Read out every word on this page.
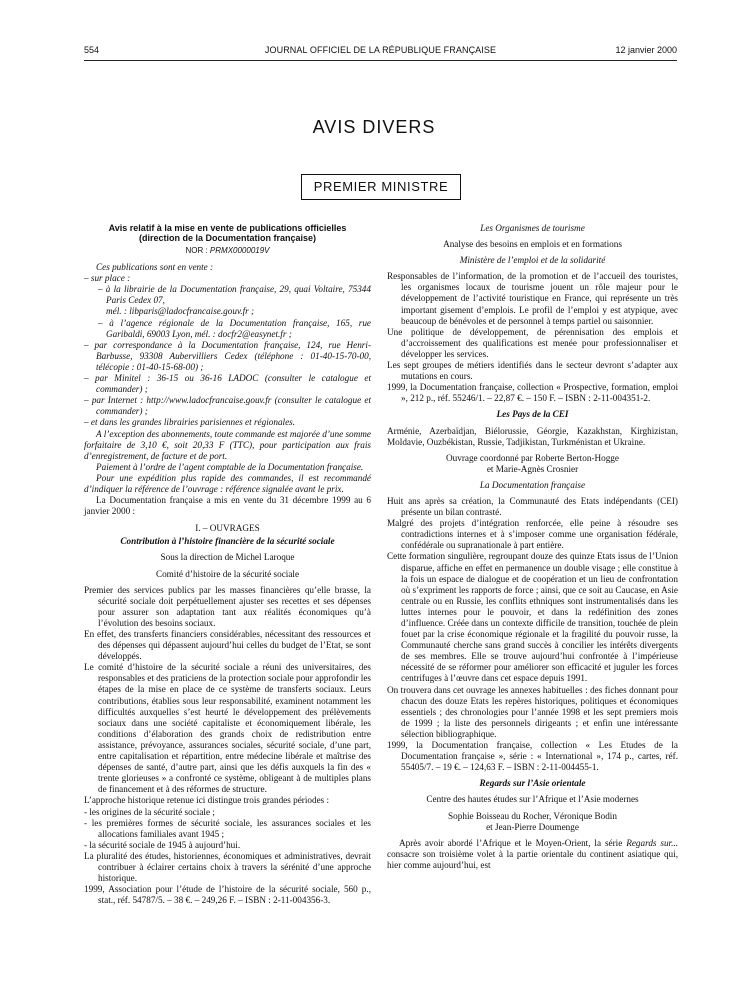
554	JOURNAL OFFICIEL DE LA RÉPUBLIQUE FRANÇAISE	12 janvier 2000
AVIS DIVERS
PREMIER MINISTRE

Avis relatif à la mise en vente de publications officielles
(direction de la Documentation française)

NOR : PRMX0000019V

Ces publications sont en vente :

– sur place :

– à la librairie de la Documentation française, 29, quai Voltaire, 75344 Paris Cedex 07,

mél. : libparis@ladocfrancaise.gouv.fr ;

– à l’agence régionale de la Documentation française, 165, rue Garibaldi, 69003 Lyon, mél. : docfr2@easynet.fr ;

– par correspondance à la Documentation française, 124, rue Henri-Barbusse, 93308 Aubervilliers Cedex (téléphone : 01-40-15-70-00, télécopie : 01-40-15-68-00) ;

– par Minitel : 36-15 ou 36-16 LADOC (consulter le catalogue et commander) ;

– par Internet : http://www.ladocfrancaise.gouv.fr (consulter le catalogue et commander) ;

– et dans les grandes librairies parisiennes et régionales.

A l’exception des abonnements, toute commande est majorée d’une somme forfaitaire de 3,10 €, soit 20,33 F (TTC), pour participation aux frais d’enregistrement, de facture et de port.

Paiement à l’ordre de l’agent comptable de la Documentation française.

Pour une expédition plus rapide des commandes, il est recommandé d’indiquer la référence de l’ouvrage : référence signalée avant le prix.

La Documentation française a mis en vente du 31 décembre 1999 au 6 janvier 2000 :

I. – OUVRAGES

Contribution à l’histoire financière de la sécurité sociale

Sous la direction de Michel Laroque

Comité d’histoire de la sécurité sociale

Premier des services publics par les masses financières qu’elle brasse, la sécurité sociale doit perpétuellement ajuster ses recettes et ses dépenses pour assurer son adaptation tant aux réalités économiques qu’à l’évolution des besoins sociaux.

En effet, des transferts financiers considérables, nécessitant des ressources et des dépenses qui dépassent aujourd’hui celles du budget de l’Etat, se sont développés.

Le comité d’histoire de la sécurité sociale a réuni des universitaires, des responsables et des praticiens de la protection sociale pour approfondir les étapes de la mise en place de ce système de transferts sociaux. Leurs contributions, établies sous leur responsabilité, examinent notamment les difficultés auxquelles s’est heurté le développement des prélèvements sociaux dans une société capitaliste et économiquement libérale, les conditions d’élaboration des grands choix de redistribution entre assistance, prévoyance, assurances sociales, sécurité sociale, d’une part, entre capitalisation et répartition, entre médecine libérale et maîtrise des dépenses de santé, d’autre part, ainsi que les défis auxquels la fin des « trente glorieuses » a confronté ce système, obligeant à de multiples plans de financement et à des réformes de structure.

L’approche historique retenue ici distingue trois grandes périodes :

- les origines de la sécurité sociale ;

- les premières formes de sécurité sociale, les assurances sociales et les allocations familiales avant 1945 ;

- la sécurité sociale de 1945 à aujourd’hui.

La pluralité des études, historiennes, économiques et administratives, devrait contribuer à éclairer certains choix à travers la sérénité d’une approche historique.

1999, Association pour l’étude de l’histoire de la sécurité sociale, 560 p., stat., réf. 54787/5. – 38 €. – 249,26 F. – ISBN : 2-11-004356-3.

Les Organismes de tourisme

Analyse des besoins en emplois et en formations

Ministère de l’emploi et de la solidarité

Responsables de l’information, de la promotion et de l’accueil des touristes, les organismes locaux de tourisme jouent un rôle majeur pour le développement de l’activité touristique en France, qui représente un très important gisement d’emplois. Le profil de l’emploi y est atypique, avec beaucoup de bénévoles et de personnel à temps partiel ou saisonnier.

Une politique de développement, de pérennisation des emplois et d’accroissement des qualifications est menée pour professionnaliser et développer les services.

Les sept groupes de métiers identifiés dans le secteur devront s’adapter aux mutations en cours.

1999, la Documentation française, collection « Prospective, formation, emploi », 212 p., réf. 55246/1. – 22,87 €. – 150 F. – ISBN : 2-11-004351-2.

Les Pays de la CEI

Arménie, Azerbaïdjan, Biélorussie, Géorgie, Kazakhstan, Kirghizistan, Moldavie, Ouzbékistan, Russie, Tadjikistan, Turkménistan et Ukraine.

Ouvrage coordonné par Roberte Berton-Hogge
et Marie-Agnès Crosnier

La Documentation française

Huit ans après sa création, la Communauté des Etats indépendants (CEI) présente un bilan contrasté.

Malgré des projets d’intégration renforcée, elle peine à résoudre ses contradictions internes et à s’imposer comme une organisation fédérale, confédérale ou supranationale à part entière.

Cette formation singulière, regroupant douze des quinze Etats issus de l’Union disparue, affiche en effet en permanence un double visage ; elle constitue à la fois un espace de dialogue et de coopération et un lieu de confrontation où s’expriment les rapports de force ; ainsi, que ce soit au Caucase, en Asie centrale ou en Russie, les conflits ethniques sont instrumentalisés dans les luttes internes pour le pouvoir, et dans la redéfinition des zones d’influence. Créée dans un contexte difficile de transition, touchée de plein fouet par la crise économique régionale et la fragilité du pouvoir russe, la Communauté cherche sans grand succès à concilier les intérêts divergents de ses membres. Elle se trouve aujourd’hui confrontée à l’impérieuse nécessité de se réformer pour améliorer son efficacité et juguler les forces centrifuges à l’œuvre dans cet espace depuis 1991.

On trouvera dans cet ouvrage les annexes habituelles : des fiches donnant pour chacun des douze Etats les repères historiques, politiques et économiques essentiels ; des chronologies pour l’année 1998 et les sept premiers mois de 1999 ; la liste des personnels dirigeants ; et enfin une intéressante sélection bibliographique.

1999, la Documentation française, collection « Les Etudes de la Documentation française », série : « International », 174 p., cartes, réf. 55405/7. – 19 €. – 124,63 F. – ISBN : 2-11-004455-1.

Regards sur l’Asie orientale

Centre des hautes études sur l’Afrique et l’Asie modernes

Sophie Boisseau du Rocher, Véronique Bodin
et Jean-Pierre Doumenge

Après avoir abordé l’Afrique et le Moyen-Orient, la série Regards sur... consacre son troisième volet à la partie orientale du continent asiatique qui, hier comme aujourd’hui, est
